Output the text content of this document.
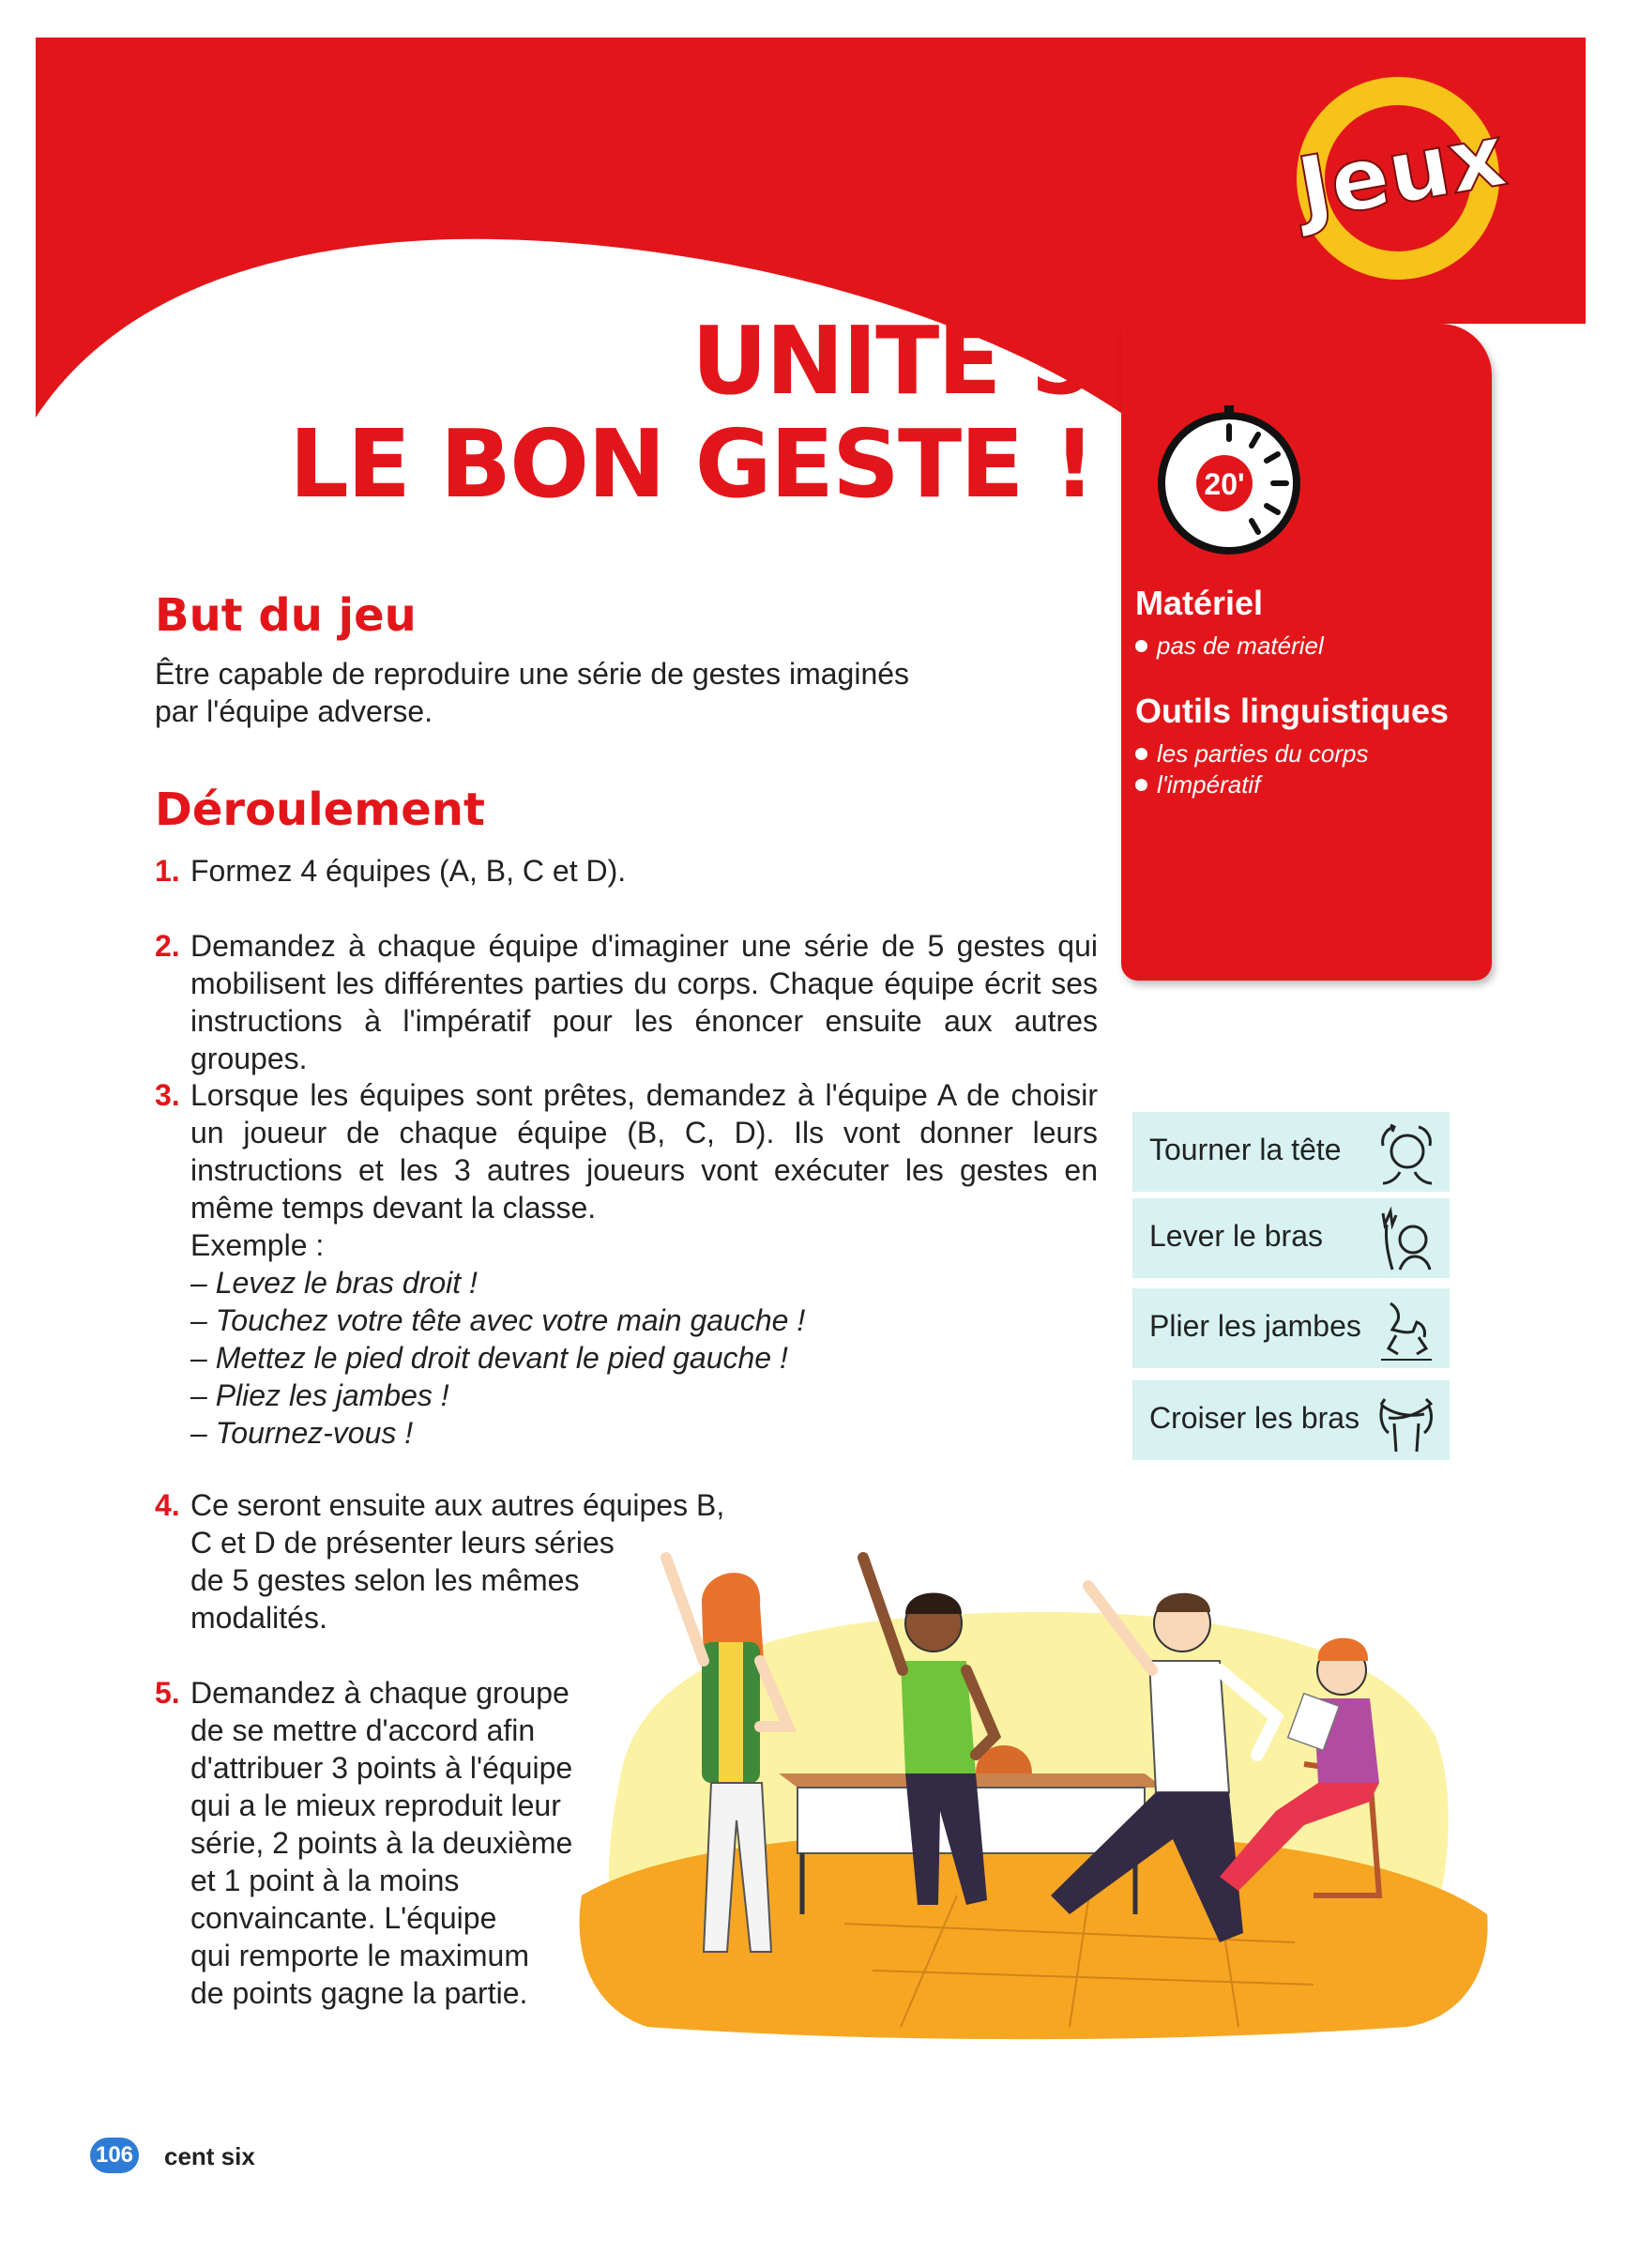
Jeux
UNITÉ 5
LE BON GESTE !	20'
Matériel
pas de matériel
Outils linguistiques
les parties du corps
l'impératif
But du jeu
Être capable de reproduire une série de gestes imaginés
par l'équipe adverse.
Déroulement
1. Formez 4 équipes (A, B, C et D).
2. Demandez à chaque équipe d'imaginer une série de 5 gestes qui mobilisent les différentes parties du corps. Chaque équipe écrit ses instructions à l'impératif pour les énoncer ensuite aux autres groupes.
3. Lorsque les équipes sont prêtes, demandez à l'équipe A de choisir un joueur de chaque équipe (B, C, D). Ils vont donner leurs instructions et les 3 autres joueurs vont exécuter les gestes en même temps devant la classe.
Exemple :
– Levez le bras droit !
– Touchez votre tête avec votre main gauche !
– Mettez le pied droit devant le pied gauche !
– Pliez les jambes !
– Tournez-vous !
4. Ce seront ensuite aux autres équipes B,
C et D de présenter leurs séries
de 5 gestes selon les mêmes
modalités.
5. Demandez à chaque groupe
de se mettre d'accord afin
d'attribuer 3 points à l'équipe
qui a le mieux reproduit leur
série, 2 points à la deuxième
et 1 point à la moins
convaincante. L'équipe
qui remporte le maximum
de points gagne la partie.
Tourner la tête
Lever le bras
Plier les jambes
Croiser les bras
106 cent six
